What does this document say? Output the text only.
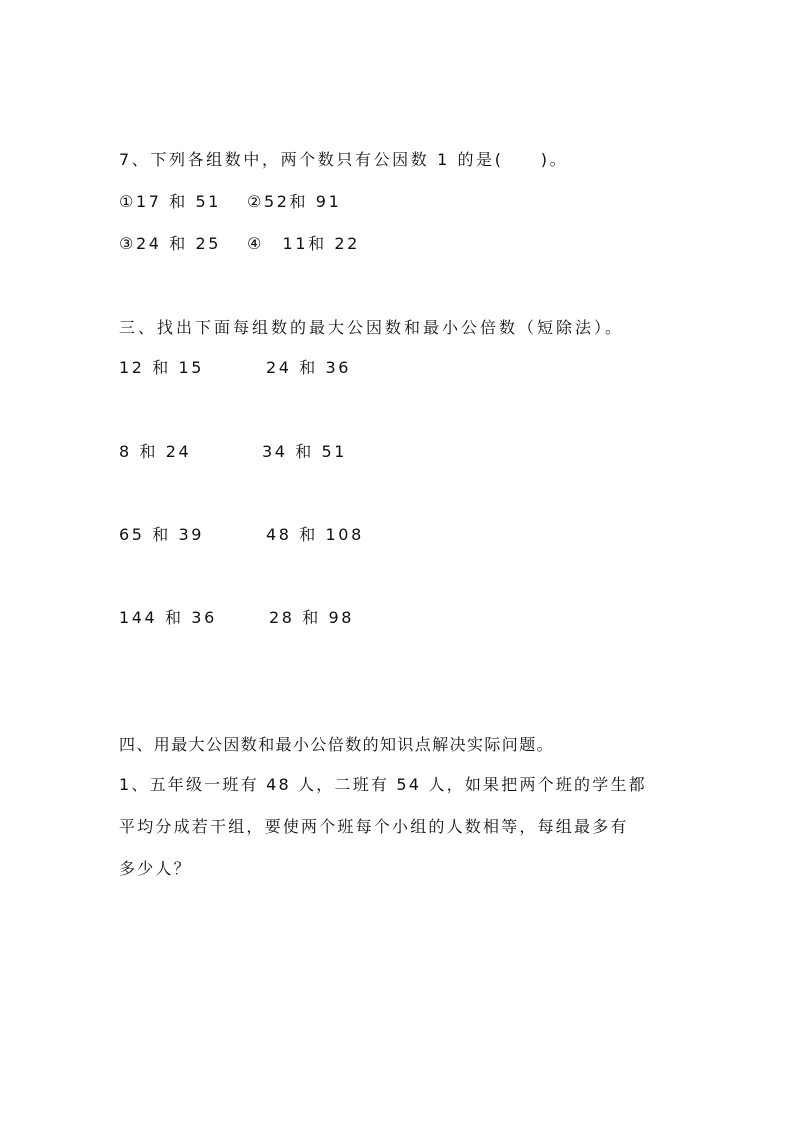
7、下列各组数中，两个数只有公因数 1 的是(　　)。
①17 和 51 ②52和 91
③24 和 25 ④　11和 22
三、找出下面每组数的最大公因数和最小公倍数（短除法）。
12 和 15	24 和 36
8 和 24	34 和 51
65 和 39	48 和 108
144 和 36	28 和 98
四、用最大公因数和最小公倍数的知识点解决实际问题。
1、五年级一班有 48 人，二班有 54 人，如果把两个班的学生都
平均分成若干组，要使两个班每个小组的人数相等，每组最多有
多少人？
